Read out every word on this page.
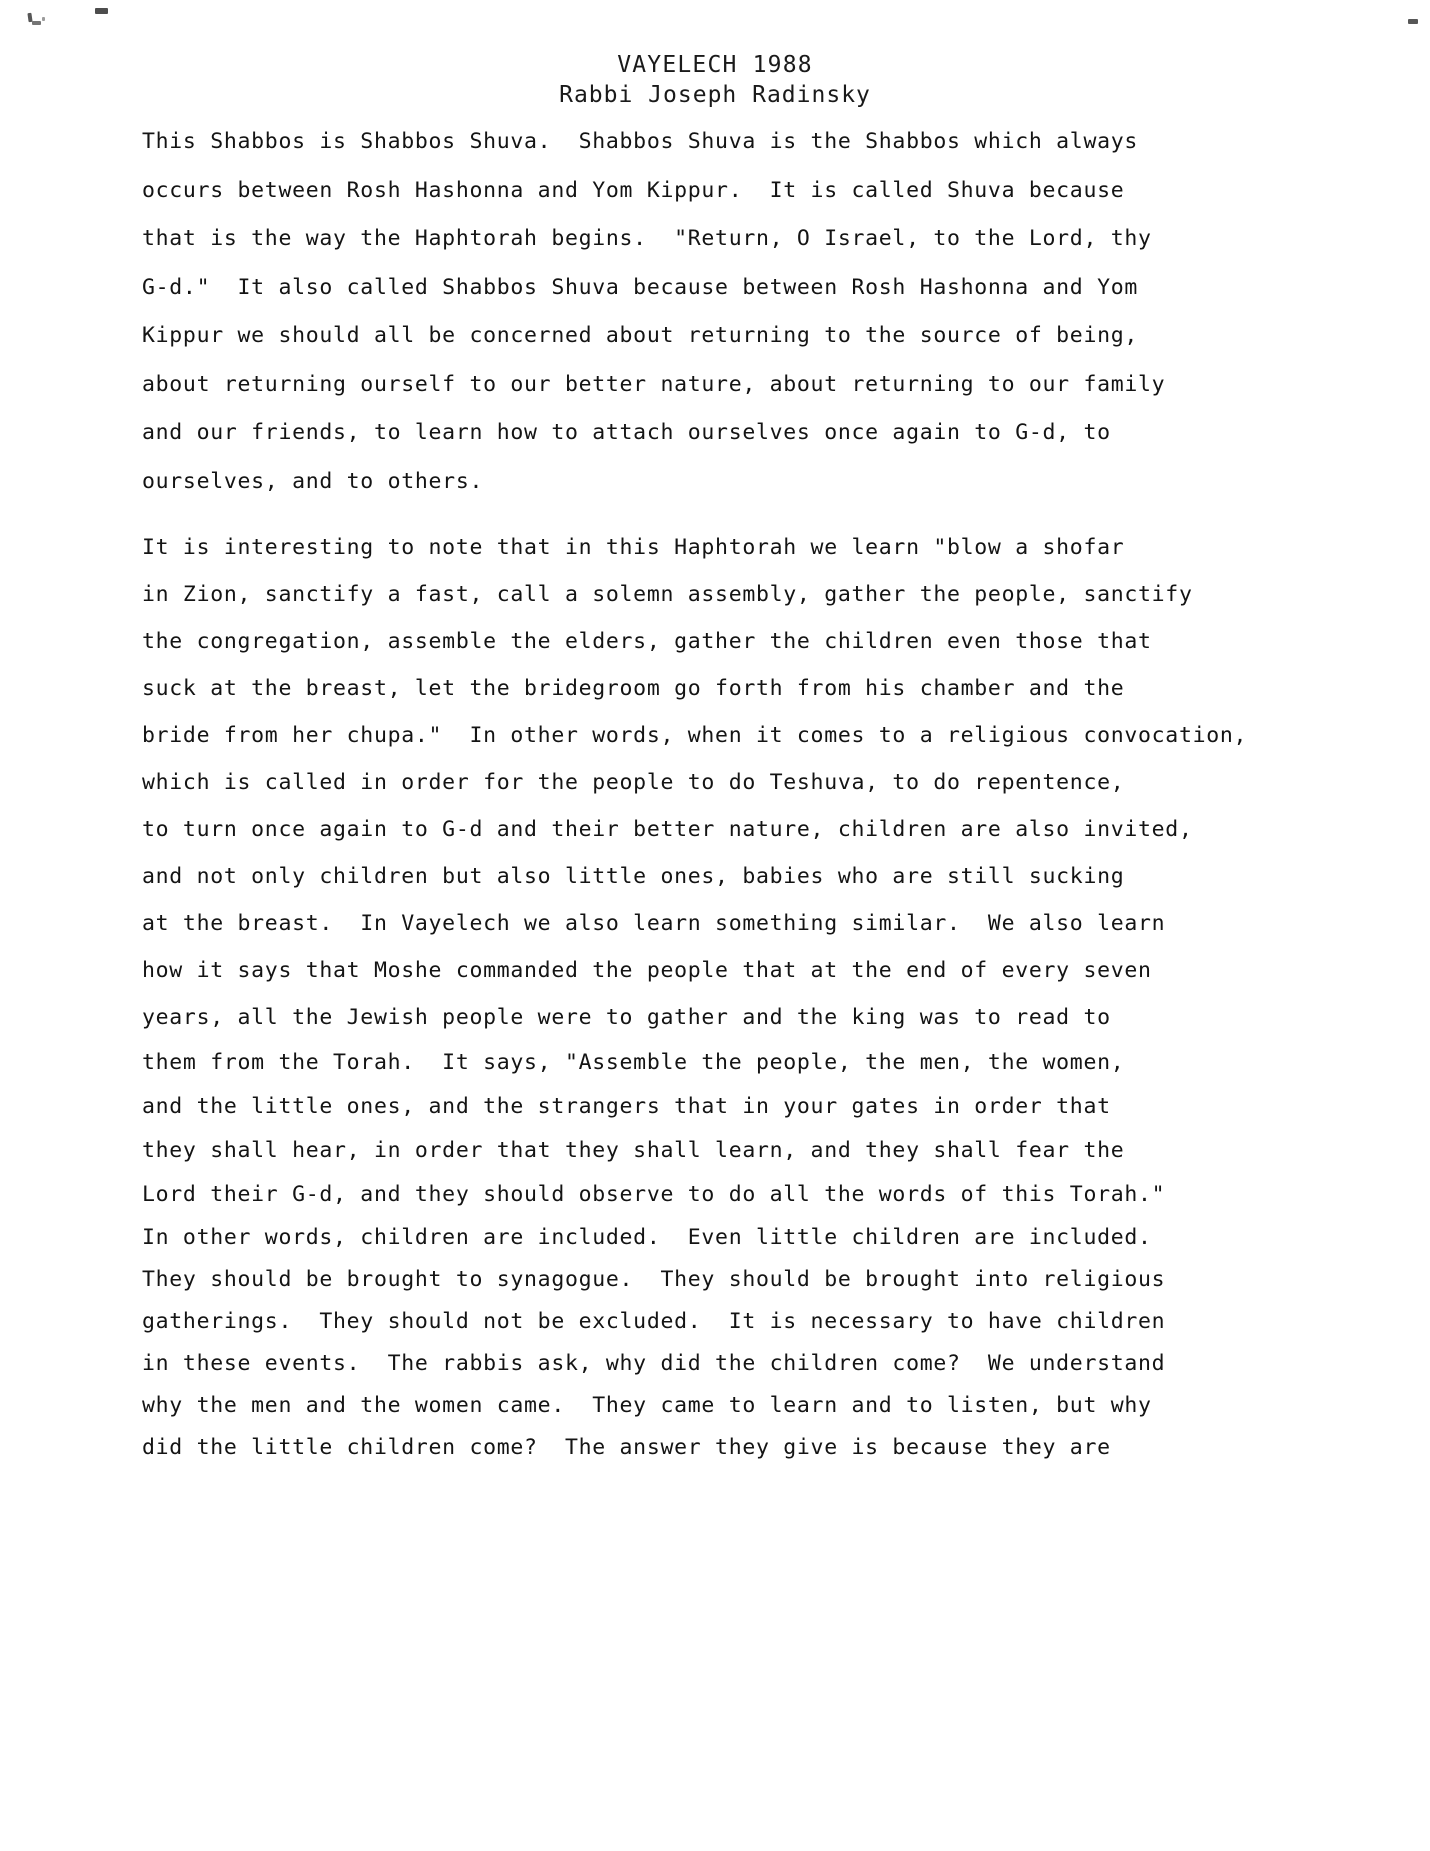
VAYELECH 1988
Rabbi Joseph Radinsky
This Shabbos is Shabbos Shuva.  Shabbos Shuva is the Shabbos which always
occurs between Rosh Hashonna and Yom Kippur.  It is called Shuva because
that is the way the Haphtorah begins.  "Return, O Israel, to the Lord, thy
G-d."  It also called Shabbos Shuva because between Rosh Hashonna and Yom
Kippur we should all be concerned about returning to the source of being,
about returning ourself to our better nature, about returning to our family
and our friends, to learn how to attach ourselves once again to G-d, to
ourselves, and to others.
It is interesting to note that in this Haphtorah we learn "blow a shofar
in Zion, sanctify a fast, call a solemn assembly, gather the people, sanctify
the congregation, assemble the elders, gather the children even those that
suck at the breast, let the bridegroom go forth from his chamber and the
bride from her chupa."  In other words, when it comes to a religious convocation,
which is called in order for the people to do Teshuva, to do repentence,
to turn once again to G-d and their better nature, children are also invited,
and not only children but also little ones, babies who are still sucking
at the breast.  In Vayelech we also learn something similar.  We also learn
how it says that Moshe commanded the people that at the end of every seven
years, all the Jewish people were to gather and the king was to read to
them from the Torah.  It says, "Assemble the people, the men, the women,
and the little ones, and the strangers that in your gates in order that
they shall hear, in order that they shall learn, and they shall fear the
Lord their G-d, and they should observe to do all the words of this Torah."
In other words, children are included.  Even little children are included.
They should be brought to synagogue.  They should be brought into religious
gatherings.  They should not be excluded.  It is necessary to have children
in these events.  The rabbis ask, why did the children come?  We understand
why the men and the women came.  They came to learn and to listen, but why
did the little children come?  The answer they give is because they are
